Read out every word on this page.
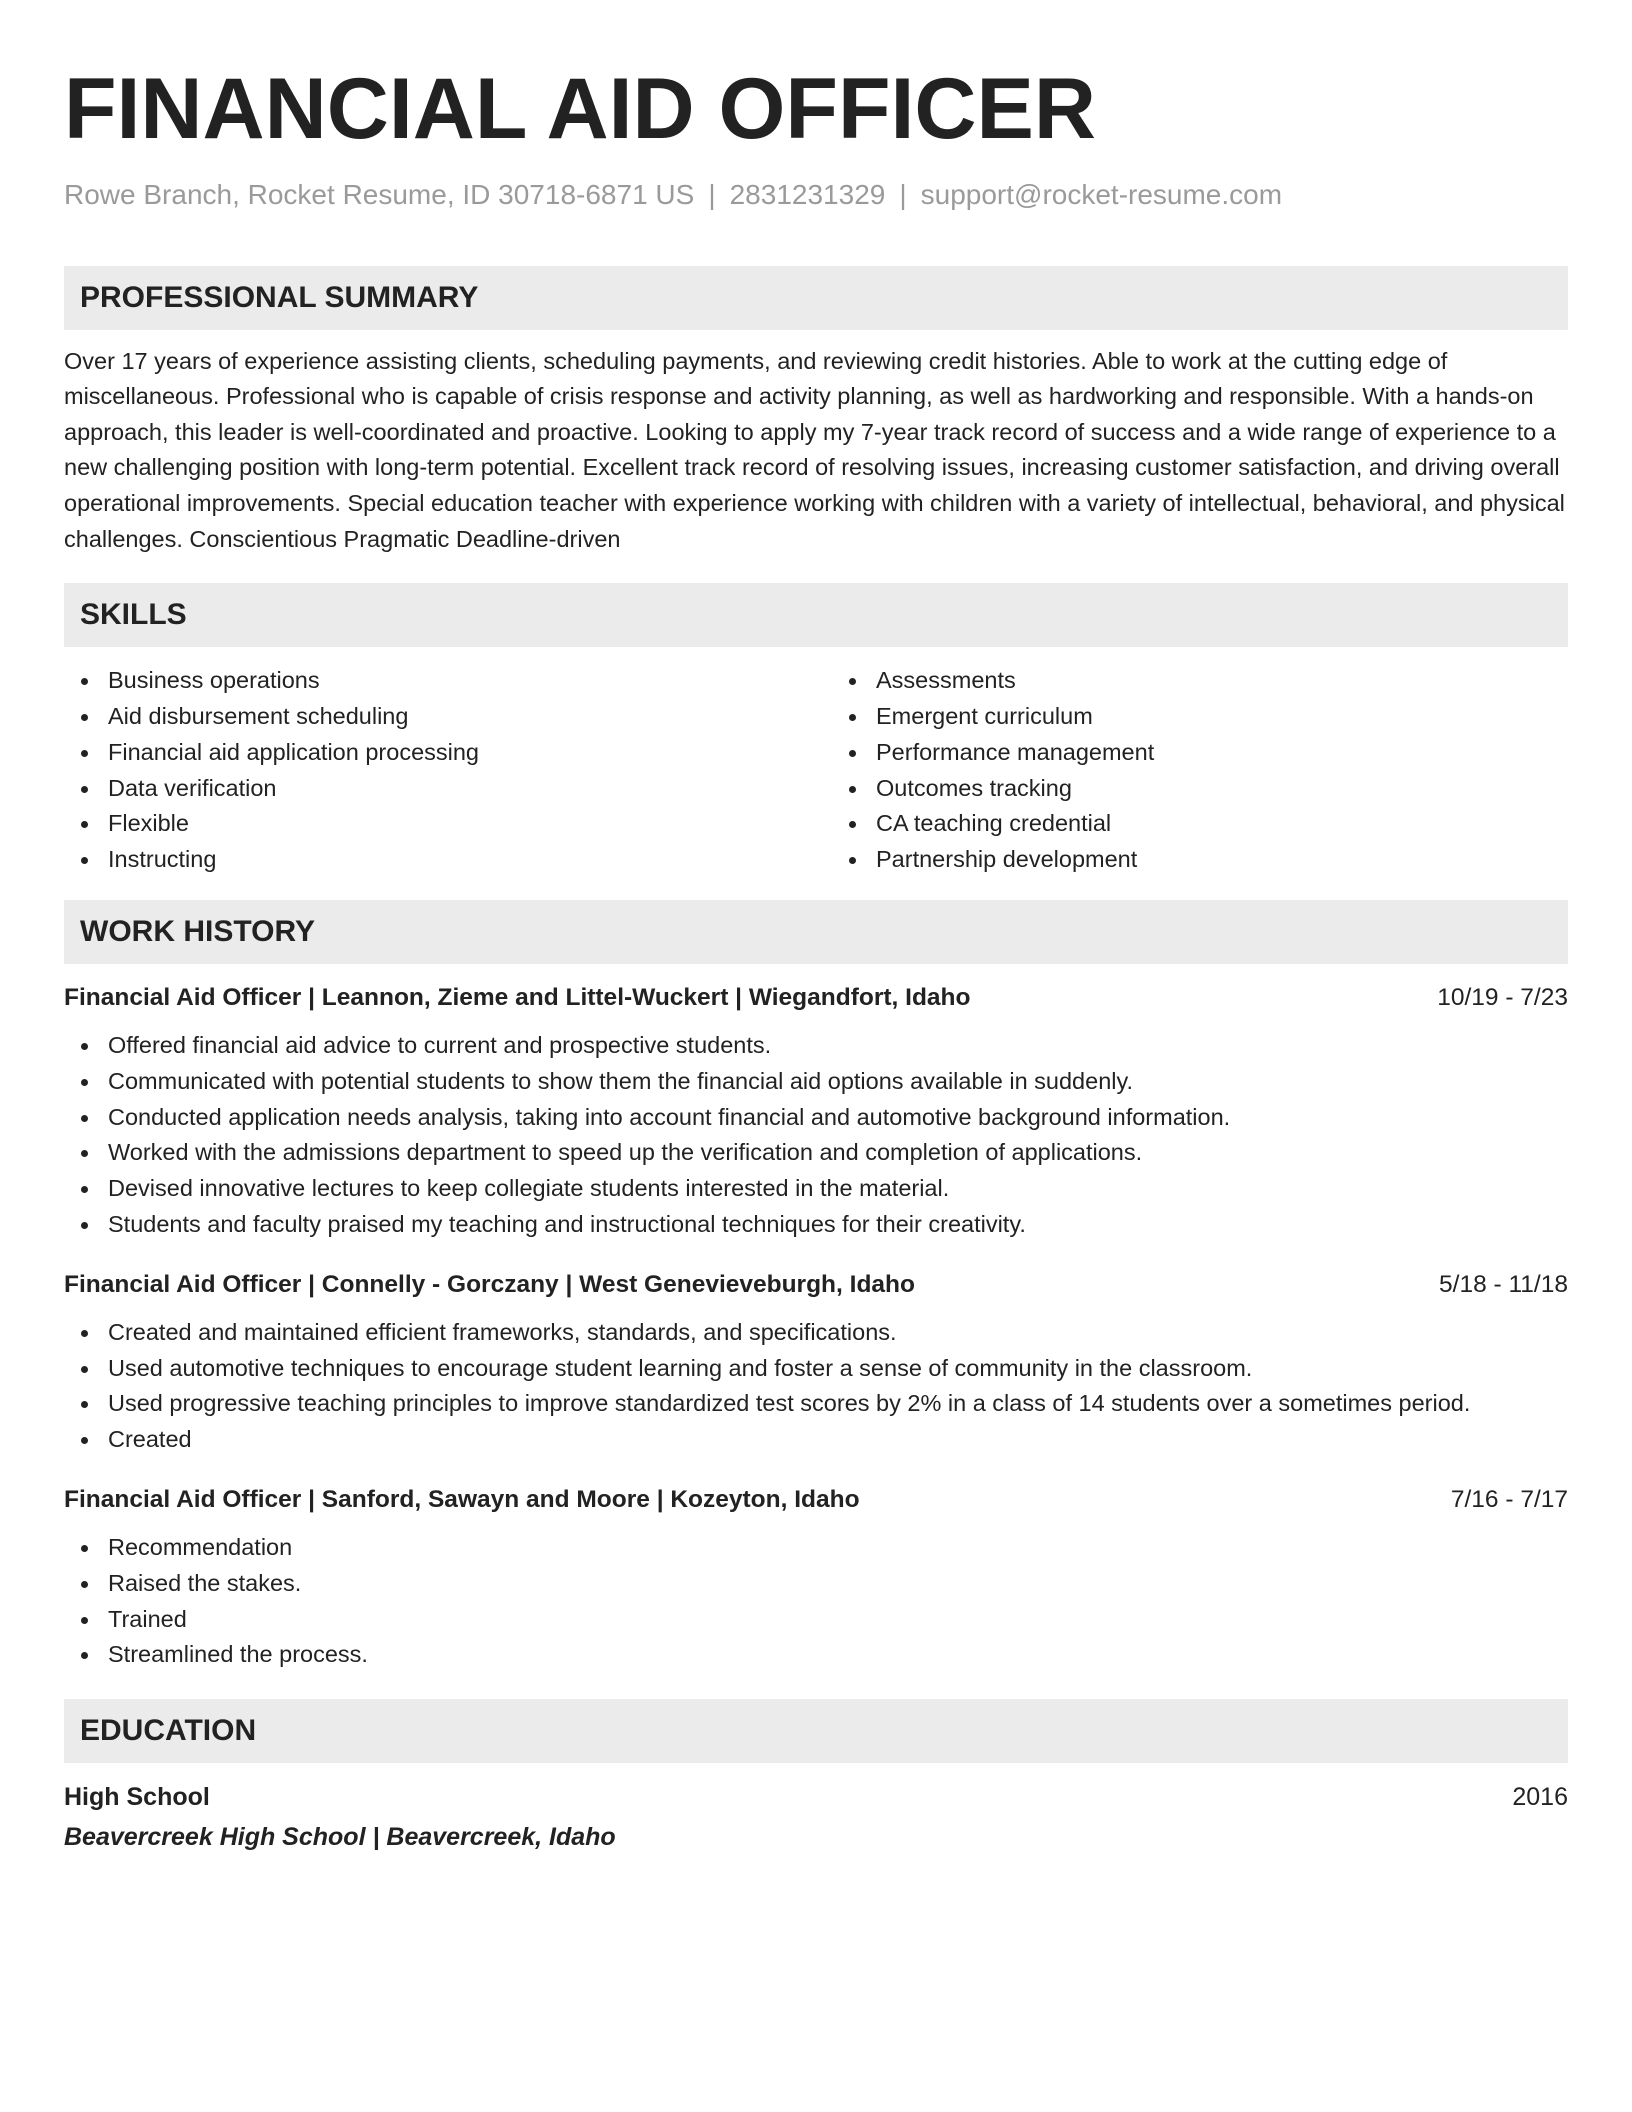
FINANCIAL AID OFFICER
Rowe Branch, Rocket Resume, ID 30718-6871 US | 2831231329 | support@rocket-resume.com
PROFESSIONAL SUMMARY

Over 17 years of experience assisting clients, scheduling payments, and reviewing credit histories. Able to work at the cutting edge of miscellaneous. Professional who is capable of crisis response and activity planning, as well as hardworking and responsible. With a hands-on approach, this leader is well-coordinated and proactive. Looking to apply my 7-year track record of success and a wide range of experience to a new challenging position with long-term potential. Excellent track record of resolving issues, increasing customer satisfaction, and driving overall operational improvements. Special education teacher with experience working with children with a variety of intellectual, behavioral, and physical challenges. Conscientious Pragmatic Deadline-driven

SKILLS
Business operations
Aid disbursement scheduling
Financial aid application processing
Data verification
Flexible
Instructing
Assessments
Emergent curriculum
Performance management
Outcomes tracking
CA teaching credential
Partnership development
WORK HISTORY
Financial Aid Officer | Leannon, Zieme and Littel-Wuckert | Wiegandfort, Idaho	10/19 - 7/23
Offered financial aid advice to current and prospective students.
Communicated with potential students to show them the financial aid options available in suddenly.
Conducted application needs analysis, taking into account financial and automotive background information.
Worked with the admissions department to speed up the verification and completion of applications.
Devised innovative lectures to keep collegiate students interested in the material.
Students and faculty praised my teaching and instructional techniques for their creativity.
Financial Aid Officer | Connelly - Gorczany | West Genevieveburgh, Idaho	5/18 - 11/18
Created and maintained efficient frameworks, standards, and specifications.
Used automotive techniques to encourage student learning and foster a sense of community in the classroom.
Used progressive teaching principles to improve standardized test scores by 2% in a class of 14 students over a sometimes period.
Created
Financial Aid Officer | Sanford, Sawayn and Moore | Kozeyton, Idaho	7/16 - 7/17
Recommendation
Raised the stakes.
Trained
Streamlined the process.
EDUCATION
High School	2016
Beavercreek High School | Beavercreek, Idaho
